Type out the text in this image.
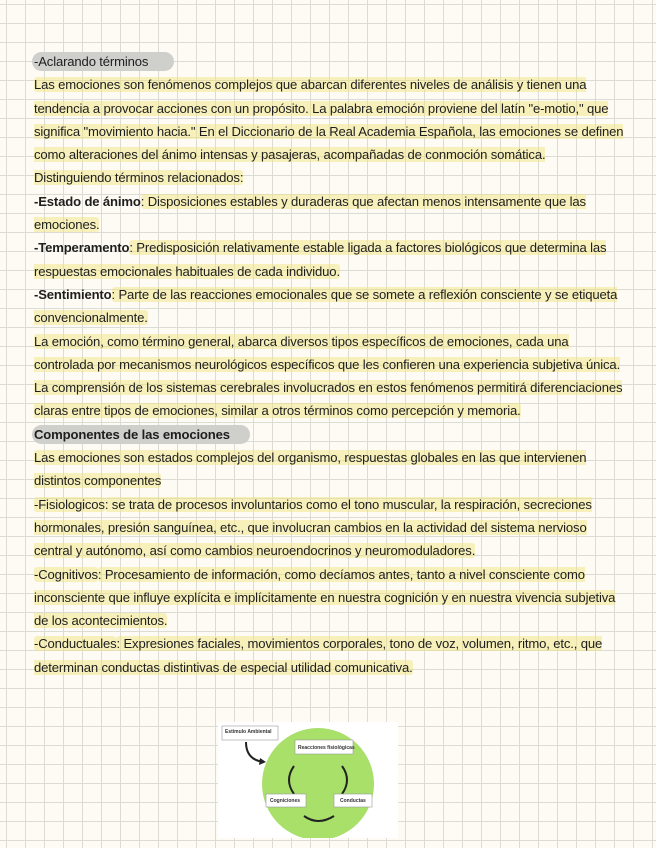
-Aclarando términos

Las emociones son fenómenos complejos que abarcan diferentes niveles de análisis y tienen una tendencia a provocar acciones con un propósito. La palabra emoción proviene del latín "e-motio," que significa "movimiento hacia." En el Diccionario de la Real Academia Española, las emociones se definen como alteraciones del ánimo intensas y pasajeras, acompañadas de conmoción somática. Distinguiendo términos relacionados:

-Estado de ánimo: Disposiciones estables y duraderas que afectan menos intensamente que las emociones.

-Temperamento: Predisposición relativamente estable ligada a factores biológicos que determina las respuestas emocionales habituales de cada individuo.

-Sentimiento: Parte de las reacciones emocionales que se somete a reflexión consciente y se etiqueta convencionalmente.

La emoción, como término general, abarca diversos tipos específicos de emociones, cada una controlada por mecanismos neurológicos específicos que les confieren una experiencia subjetiva única. La comprensión de los sistemas cerebrales involucrados en estos fenómenos permitirá diferenciaciones claras entre tipos de emociones, similar a otros términos como percepción y memoria.

Componentes de las emociones

Las emociones son estados complejos del organismo, respuestas globales en las que intervienen distintos componentes

-Fisiologicos: se trata de procesos involuntarios como el tono muscular, la respiración, secreciones hormonales, presión sanguínea, etc., que involucran cambios en la actividad del sistema nervioso central y autónomo, así como cambios neuroendocrinos y neuromoduladores.

-Cognitivos: Procesamiento de información, como decíamos antes, tanto a nivel consciente como inconsciente que influye explícita e implícitamente en nuestra cognición y en nuestra vivencia subjetiva de los acontecimientos.

-Conductuales: Expresiones faciales, movimientos corporales, tono de voz, volumen, ritmo, etc., que determinan conductas distintivas de especial utilidad comunicativa.

Estímulo Ambiental
Reacciones fisiológicas
Cogniciones	Conductas
